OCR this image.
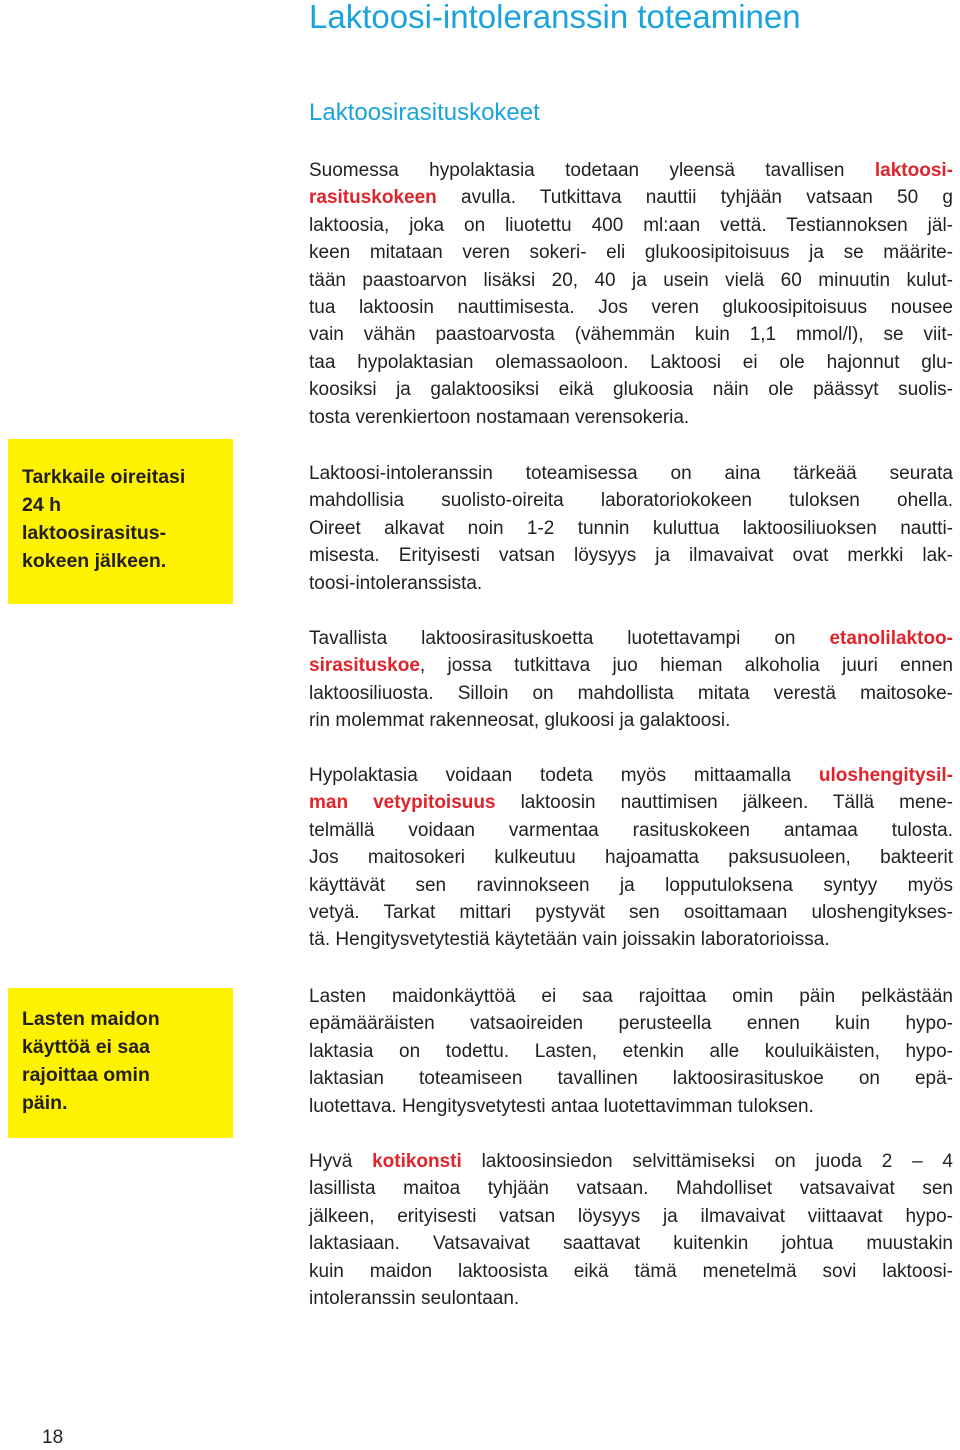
Laktoosi-intoleranssin toteaminen
Laktoosirasituskokeet

Suomessa hypolaktasia todetaan yleensä tavallisen laktoosi-
rasituskokeen avulla. Tutkittava nauttii tyhjään vatsaan 50 g
laktoosia, joka on liuotettu 400 ml:aan vettä. Testiannoksen jäl-
keen mitataan veren sokeri- eli glukoosipitoisuus ja se määrite-
tään paastoarvon lisäksi 20, 40 ja usein vielä 60 minuutin kulut-
tua laktoosin nauttimisesta. Jos veren glukoosipitoisuus nousee
vain vähän paastoarvosta (vähemmän kuin 1,1 mmol/l), se viit-
taa hypolaktasian olemassaoloon. Laktoosi ei ole hajonnut glu-
koosiksi ja galaktoosiksi eikä glukoosia näin ole päässyt suolis-
tosta verenkiertoon nostamaan verensokeria.

Tarkkaile oireitasi
24 h
laktoosirasitus-
kokeen jälkeen.

Laktoosi-intoleranssin toteamisessa on aina tärkeää seurata
mahdollisia suolisto-oireita laboratoriokokeen tuloksen ohella.
Oireet alkavat noin 1-2 tunnin kuluttua laktoosiliuoksen nautti-
misesta. Erityisesti vatsan löysyys ja ilmavaivat ovat merkki lak-
toosi-intoleranssista.

Tavallista laktoosirasituskoetta luotettavampi on etanolilaktoo-
sirasituskoe, jossa tutkittava juo hieman alkoholia juuri ennen
laktoosiliuosta. Silloin on mahdollista mitata verestä maitosoke-
rin molemmat rakenneosat, glukoosi ja galaktoosi.

Hypolaktasia voidaan todeta myös mittaamalla uloshengitysil-
man vetypitoisuus laktoosin nauttimisen jälkeen. Tällä mene-
telmällä voidaan varmentaa rasituskokeen antamaa tulosta.
Jos maitosokeri kulkeutuu hajoamatta paksusuoleen, bakteerit
käyttävät sen ravinnokseen ja lopputuloksena syntyy myös
vetyä. Tarkat mittari pystyvät sen osoittamaan uloshengitykses-
tä. Hengitysvetytestiä käytetään vain joissakin laboratorioissa.

Lasten maidon
käyttöä ei saa
rajoittaa omin
päin.

Lasten maidonkäyttöä ei saa rajoittaa omin päin pelkästään
epämääräisten vatsaoireiden perusteella ennen kuin hypo-
laktasia on todettu. Lasten, etenkin alle kouluikäisten, hypo-
laktasian toteamiseen tavallinen laktoosirasituskoe on epä-
luotettava. Hengitysvetytesti antaa luotettavimman tuloksen.

Hyvä kotikonsti laktoosinsiedon selvittämiseksi on juoda 2 – 4
lasillista maitoa tyhjään vatsaan. Mahdolliset vatsavaivat sen
jälkeen, erityisesti vatsan löysyys ja ilmavaivat viittaavat hypo-
laktasiaan. Vatsavaivat saattavat kuitenkin johtua muustakin
kuin maidon laktoosista eikä tämä menetelmä sovi laktoosi-
intoleranssin seulontaan.

18
